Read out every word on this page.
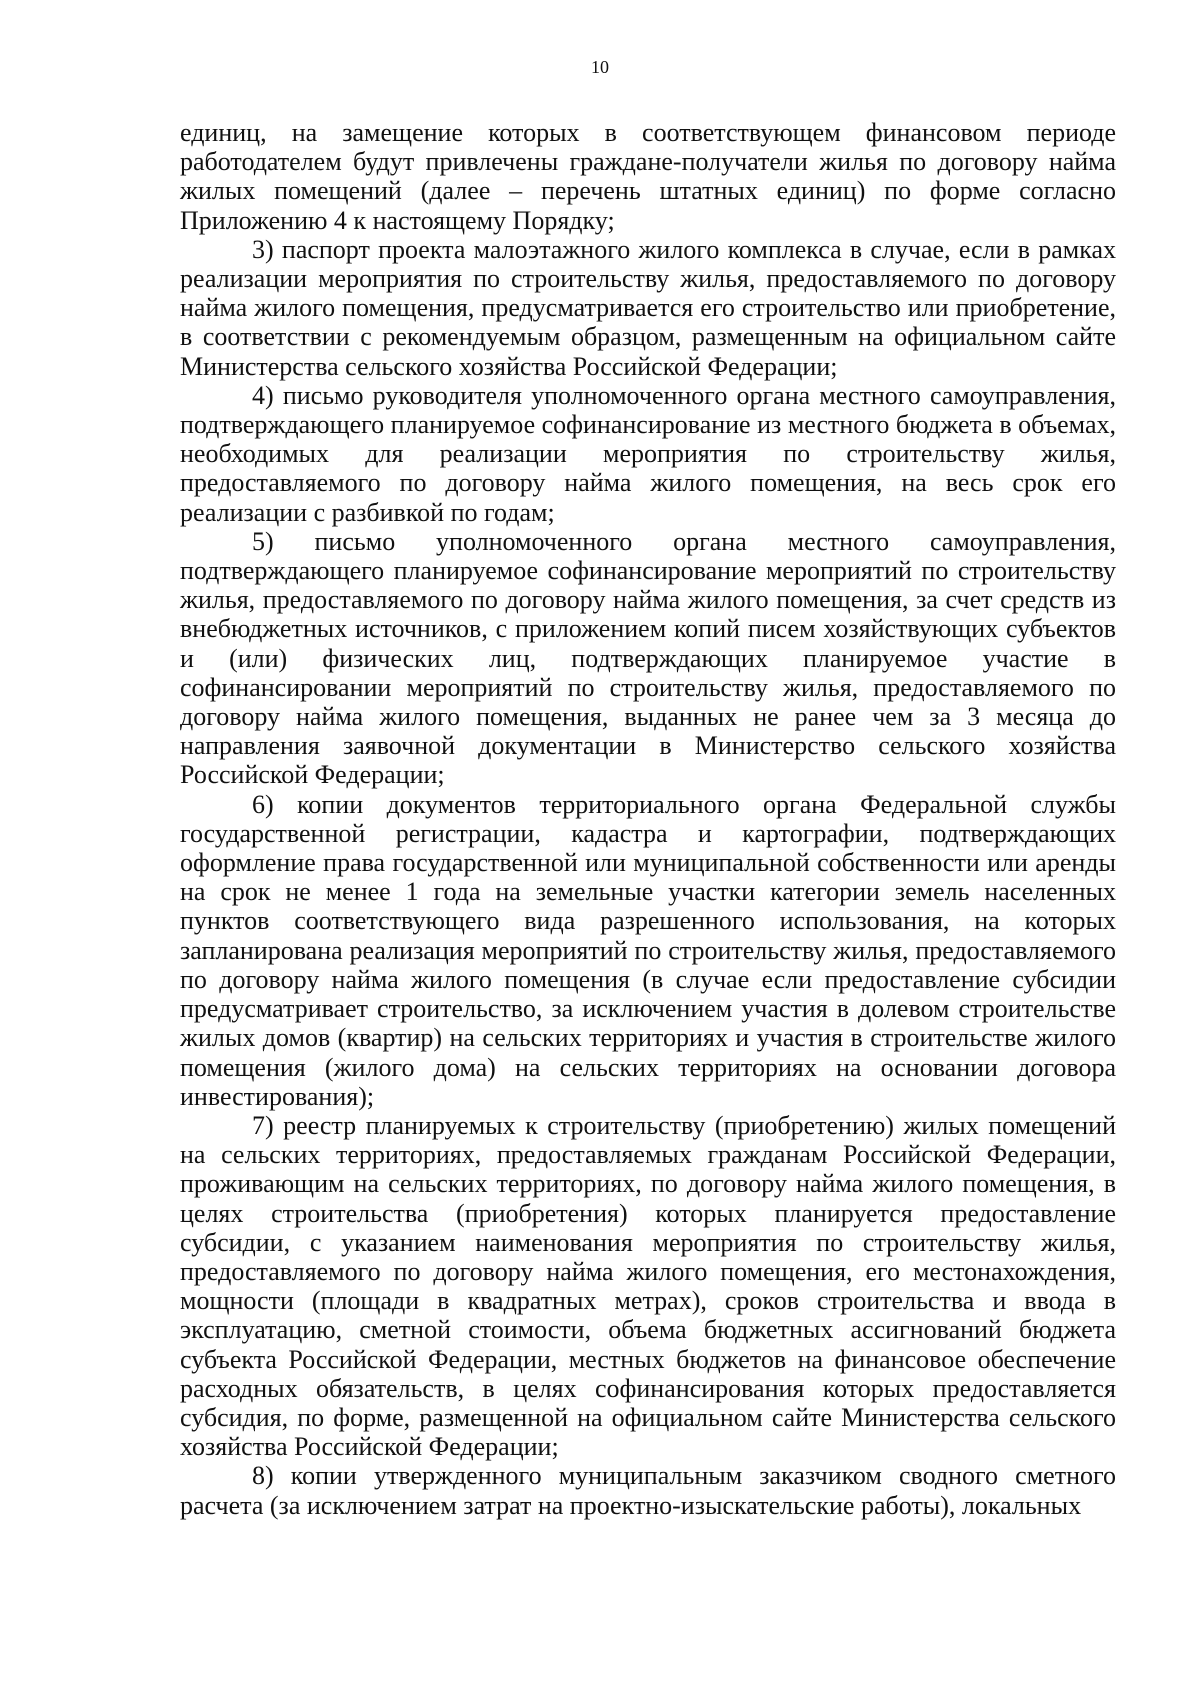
10

единиц, на замещение которых в соответствующем финансовом периоде работодателем будут привлечены граждане-получатели жилья по договору найма жилых помещений (далее – перечень штатных единиц) по форме согласно Приложению 4 к настоящему Порядку;

3) паспорт проекта малоэтажного жилого комплекса в случае, если в рамках реализации мероприятия по строительству жилья, предоставляемого по договору найма жилого помещения, предусматривается его строительство или приобретение, в соответствии с рекомендуемым образцом, размещенным на официальном сайте Министерства сельского хозяйства Российской Федерации;

4) письмо руководителя уполномоченного органа местного самоуправления, подтверждающего планируемое софинансирование из местного бюджета в объемах, необходимых для реализации мероприятия по строительству жилья, предоставляемого по договору найма жилого помещения, на весь срок его реализации с разбивкой по годам;

5) письмо уполномоченного органа местного самоуправления, подтверждающего планируемое софинансирование мероприятий по строительству жилья, предоставляемого по договору найма жилого помещения, за счет средств из внебюджетных источников, с приложением копий писем хозяйствующих субъектов и (или) физических лиц, подтверждающих планируемое участие в софинансировании мероприятий по строительству жилья, предоставляемого по договору найма жилого помещения, выданных не ранее чем за 3 месяца до направления заявочной документации в Министерство сельского хозяйства Российской Федерации;

6) копии документов территориального органа Федеральной службы государственной регистрации, кадастра и картографии, подтверждающих оформление права государственной или муниципальной собственности или аренды на срок не менее 1 года на земельные участки категории земель населенных пунктов соответствующего вида разрешенного использования, на которых запланирована реализация мероприятий по строительству жилья, предоставляемого по договору найма жилого помещения (в случае если предоставление субсидии предусматривает строительство, за исключением участия в долевом строительстве жилых домов (квартир) на сельских территориях и участия в строительстве жилого помещения (жилого дома) на сельских территориях на основании договора инвестирования);

7) реестр планируемых к строительству (приобретению) жилых помещений на сельских территориях, предоставляемых гражданам Российской Федерации, проживающим на сельских территориях, по договору найма жилого помещения, в целях строительства (приобретения) которых планируется предоставление субсидии, с указанием наименования мероприятия по строительству жилья, предоставляемого по договору найма жилого помещения, его местонахождения, мощности (площади в квадратных метрах), сроков строительства и ввода в эксплуатацию, сметной стоимости, объема бюджетных ассигнований бюджета субъекта Российской Федерации, местных бюджетов на финансовое обеспечение расходных обязательств, в целях софинансирования которых предоставляется субсидия, по форме, размещенной на официальном сайте Министерства сельского хозяйства Российской Федерации;

8) копии утвержденного муниципальным заказчиком сводного сметного расчета (за исключением затрат на проектно-изыскательские работы), локальных
